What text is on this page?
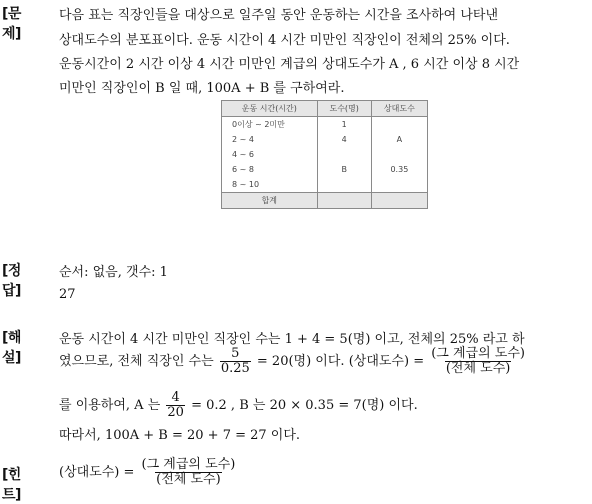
[문제]
다음 표는 직장인들을 대상으로 일주일 동안 운동하는 시간을 조사하여 나타낸
상대도수의 분포표이다. 운동 시간이 4 시간 미만인 직장인이 전체의 25% 이다.
운동시간이 2 시간 이상 4 시간 미만인 계급의 상대도수가 A , 6 시간 이상 8 시간
미만인 직장인이 B 일 때, 100A + B 를 구하여라.
운동 시간(시간)	도수(명)	상대도수
0이상 ~ 2미만	1	
2 ~ 4	4	A
4 ~ 6		
6 ~ 8	B	0.35
8 ~ 10		
합계		
[정답]
순서: 없음, 갯수: 1
27
[해설]
운동 시간이 4 시간 미만인 직장인 수는 1 + 4 = 5(명) 이고, 전체의 25% 라고 하
였으므로, 전체 직장인 수는 $\frac{5}{0.25} = 20$(명) 이다. (상대도수) = $\frac{\text{(그 계급의 도수)}}{\text{(전체 도수)}}$
를 이용하여, A 는 $\frac{4}{20} = 0.2$ , B 는 20 × 0.35 = 7(명) 이다.
따라서, 100A + B = 20 + 7 = 27 이다.
[힌트]
(상대도수) = $\frac{\text{(그 계급의 도수)}}{\text{(전체 도수)}}$
